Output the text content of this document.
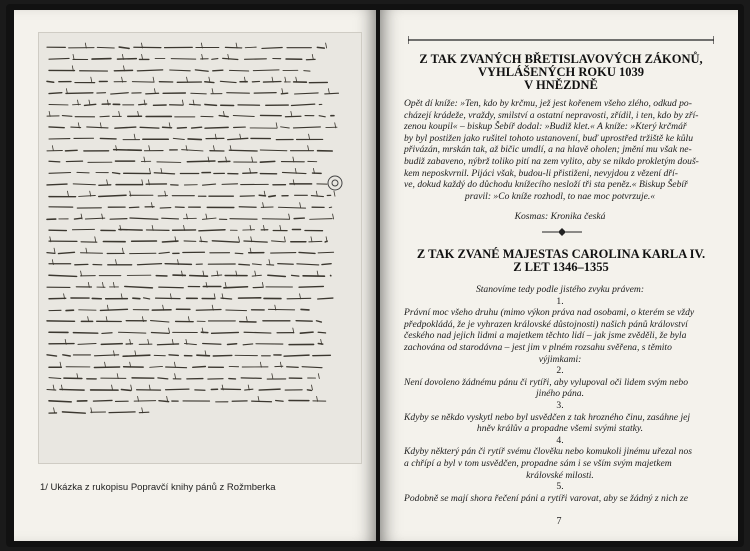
1/ Ukázka z rukopisu Popravčí knihy pánů z Rožmberka
Z TAK ZVANÝCH BŘETISLAVOVÝCH ZÁKONŮ,
VYHLÁŠENÝCH ROKU 1039
V HNĚZDNĚ
Opět dí kníže: »Ten, kdo by krčmu, jež jest kořenem všeho zlého, odkud po-
cházejí krádeže, vraždy, smilství a ostatní nepravosti, zřídil, i ten, kdo by zří-
zenou koupil« – biskup Šebíř dodal: »Budiž klet.« A kníže: »Který krčmář
by byl postižen jako rušitel tohoto ustanovení, buď uprostřed tržiště ke kůlu
přivázán, mrskán tak, až bičic umdlí, a na hlavě oholen; jmění mu však ne-
budiž zabaveno, nýbrž toliko pití na zem vylito, aby se nikdo prokletým douš-
kem neposkvrnil. Pijáci však, budou-li přistiženi, nevyjdou z vězení dří-
ve, dokud každý do důchodu knížecího nesloží tři sta peněz.« Biskup Šebíř
pravil: »Co kníže rozhodl, to nae moc potvrzuje.«
Kosmas: Kronika česká
Z TAK ZVANÉ MAJESTAS CAROLINA KARLA IV.
Z LET 1346–1355
Stanovíme tedy podle jistého zvyku právem:
1.
Právní moc všeho druhu (mimo výkon práva nad osobami, o kterém se vždy
předpokládá, že je vyhrazen královské důstojnosti) našich pánů království
českého nad jejich lidmi a majetkem těchto lidí – jak jsme zvěděli, že byla
zachována od starodávna – jest jim v plném rozsahu svěřena, s těmito
výjimkami:
2.
Není dovoleno žádnému pánu či rytíři, aby vylupoval oči lidem svým nebo
jiného pána.
3.
Kdyby se někdo vyskytl nebo byl usvědčen z tak hrozného činu, zasáhne jej
hněv králův a propadne všemi svými statky.
4.
Kdyby některý pán či rytíř svému člověku nebo komukoli jinému uřezal nos
a chřípí a byl v tom usvědčen, propadne sám i se vším svým majetkem
královské milosti.
5.
Podobně se mají shora řečení páni a rytíři varovat, aby se žádný z nich ze
7
